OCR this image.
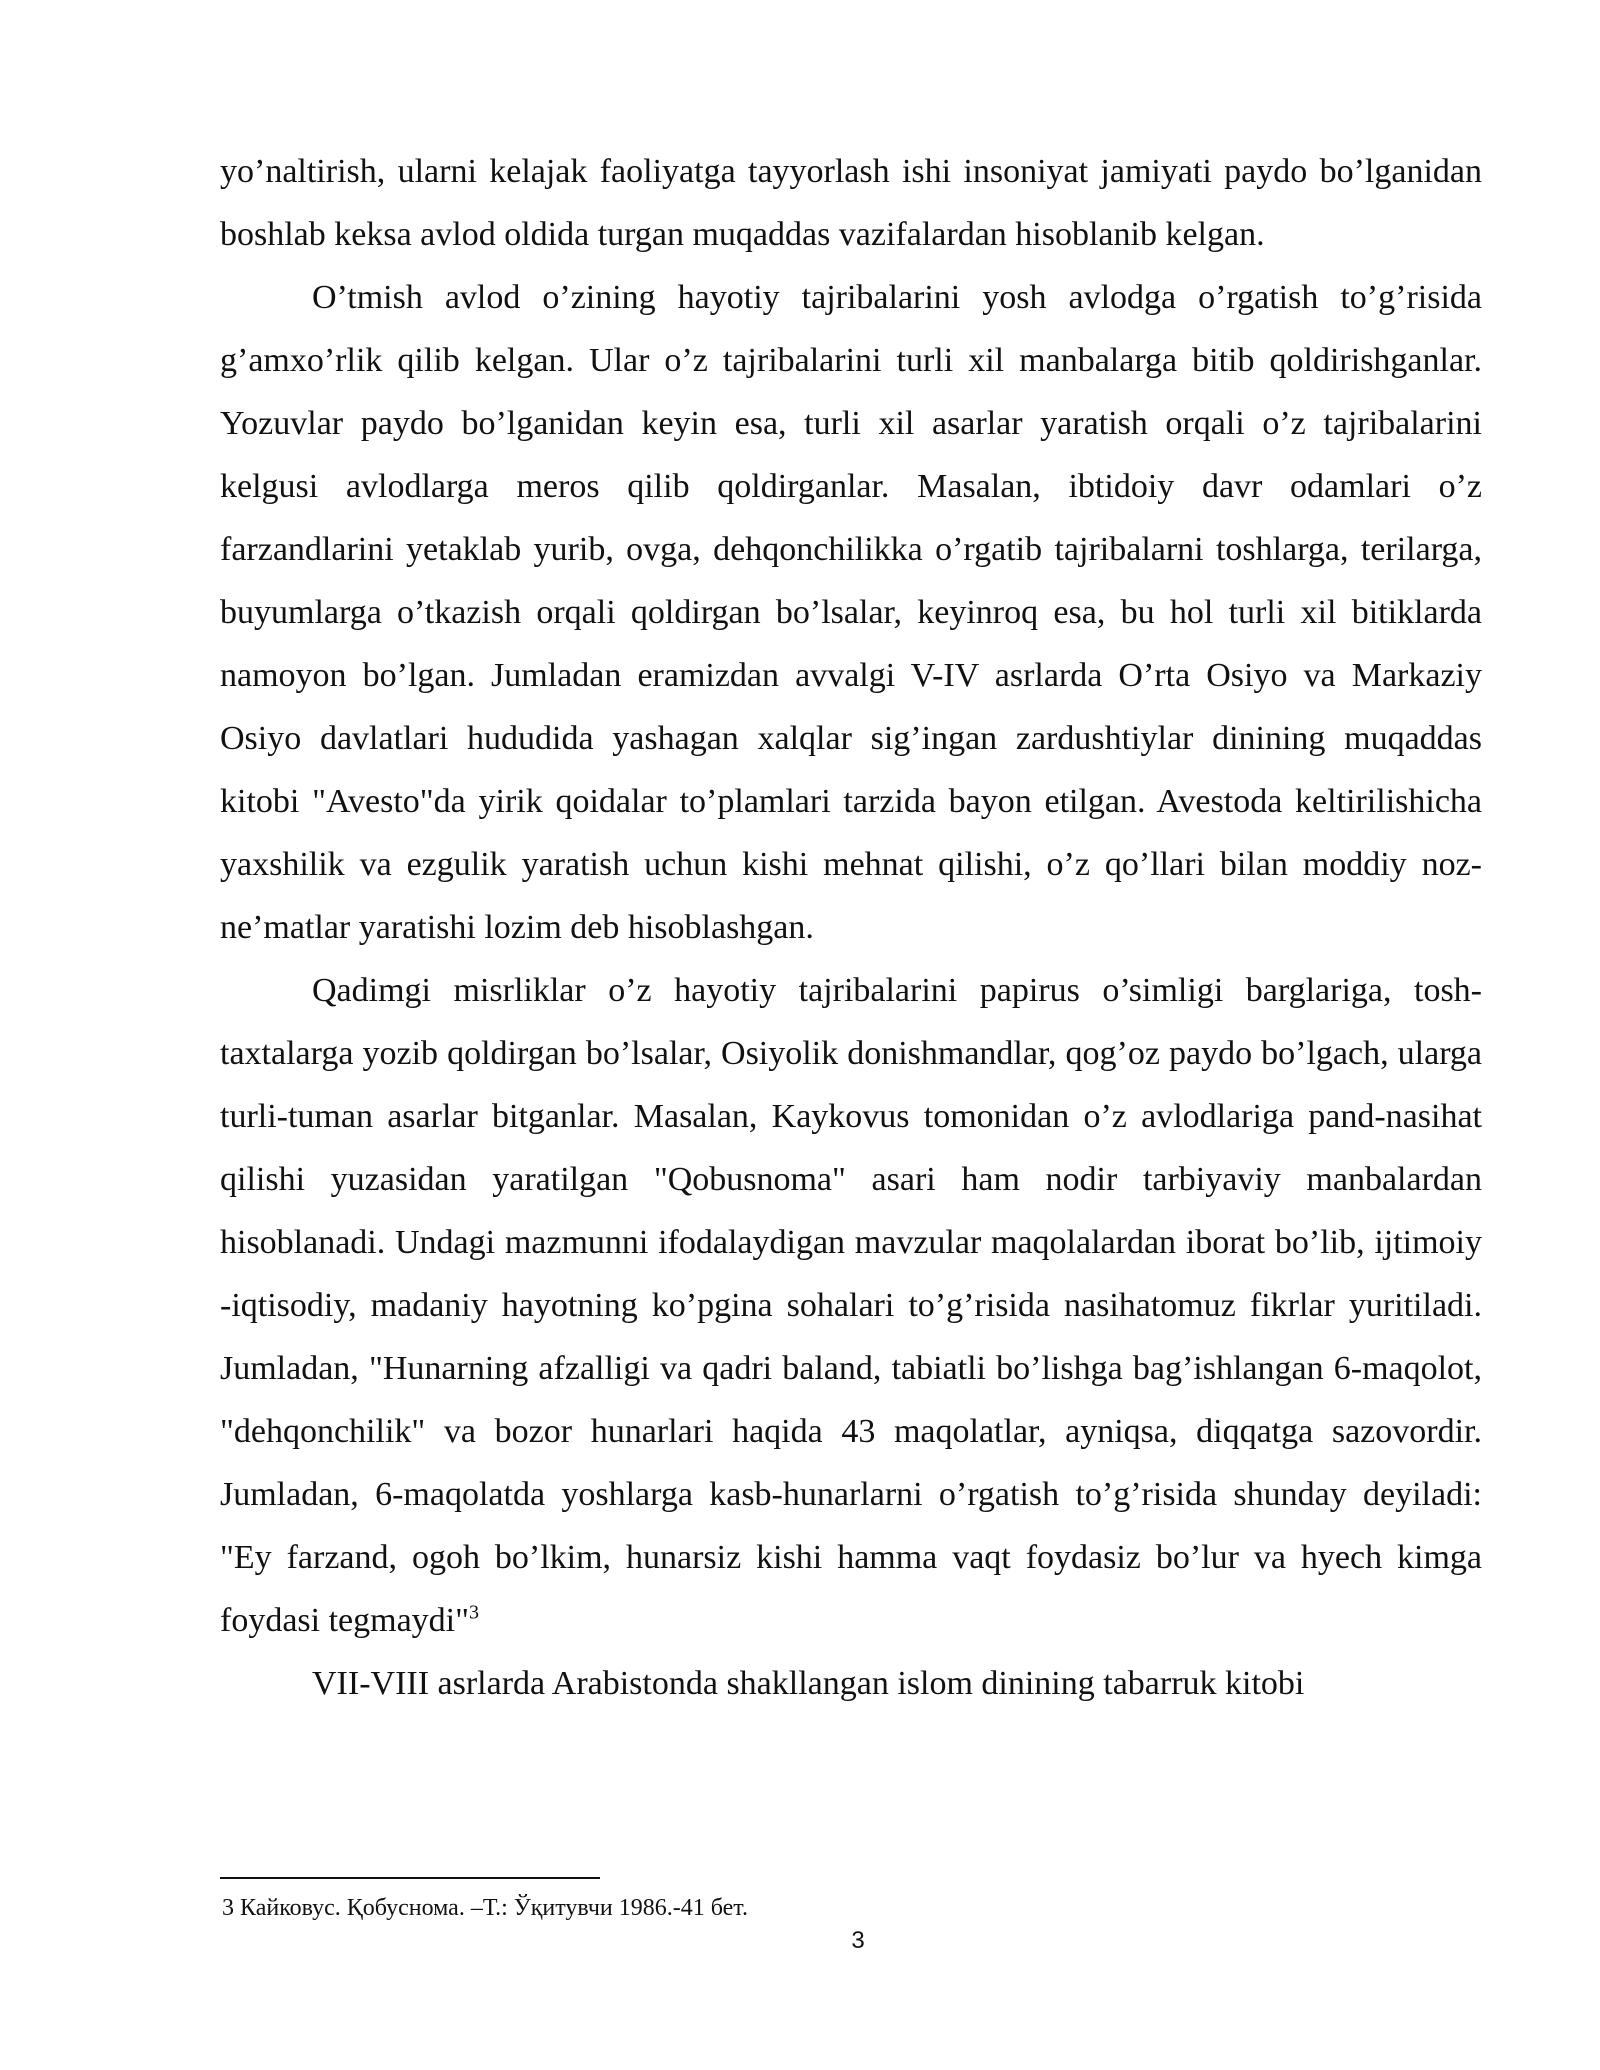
yo’naltirish, ularni kelajak faoliyatga tayyorlash ishi insoniyat jamiyati paydo bo’lganidan boshlab keksa avlod oldida turgan muqaddas vazifalardan hisoblanib kelgan.

O’tmish avlod o’zining hayotiy tajribalarini yosh avlodga o’rgatish to’g’risida g’amxo’rlik qilib kelgan. Ular o’z tajribalarini turli xil manbalarga bitib qoldirishganlar. Yozuvlar paydo bo’lganidan keyin esa, turli xil asarlar yaratish orqali o’z tajribalarini kelgusi avlodlarga meros qilib qoldirganlar. Masalan, ibtidoiy davr odamlari o’z farzandlarini yetaklab yurib, ovga, dehqonchilikka o’rgatib tajribalarni toshlarga, terilarga, buyumlarga o’tkazish orqali qoldirgan bo’lsalar, keyinroq esa, bu hol turli xil bitiklarda namoyon bo’lgan. Jumladan eramizdan avvalgi V-IV asrlarda O’rta Osiyo va Markaziy Osiyo davlatlari hududida yashagan xalqlar sig’ingan zardushtiylar dinining muqaddas kitobi "Avesto"da yirik qoidalar to’plamlari tarzida bayon etilgan. Avestoda keltirilishicha yaxshilik va ezgulik yaratish uchun kishi mehnat qilishi, o’z qo’llari bilan moddiy noz-ne’matlar yaratishi lozim deb hisoblashgan.

Qadimgi misrliklar o’z hayotiy tajribalarini papirus o’simligi barglariga, tosh-taxtalarga yozib qoldirgan bo’lsalar, Osiyolik donishmandlar, qog’oz paydo bo’lgach, ularga turli-tuman asarlar bitganlar. Masalan, Kaykovus tomonidan o’z avlodlariga pand-nasihat qilishi yuzasidan yaratilgan "Qobusnoma" asari ham nodir tarbiyaviy manbalardan hisoblanadi. Undagi mazmunni ifodalaydigan mavzular maqolalardan iborat bo’lib, ijtimoiy -iqtisodiy, madaniy hayotning ko’pgina sohalari to’g’risida nasihatomuz fikrlar yuritiladi. Jumladan, "Hunarning afzalligi va qadri baland, tabiatli bo’lishga bag’ishlangan 6-maqolot, "dehqonchilik" va bozor hunarlari haqida 43 maqolatlar, ayniqsa, diqqatga sazovordir. Jumladan, 6-maqolatda yoshlarga kasb-hunarlarni o’rgatish to’g’risida shunday deyiladi: "Ey farzand, ogoh bo’lkim, hunarsiz kishi hamma vaqt foydasiz bo’lur va hyech kimga foydasi tegmaydi"$^3$

VII-VIII asrlarda Arabistonda shakllangan islom dinining tabarruk kitobi

3 Кайковус. Қобуснома. –Т.: Ўқитувчи 1986.-41 бет.
3
